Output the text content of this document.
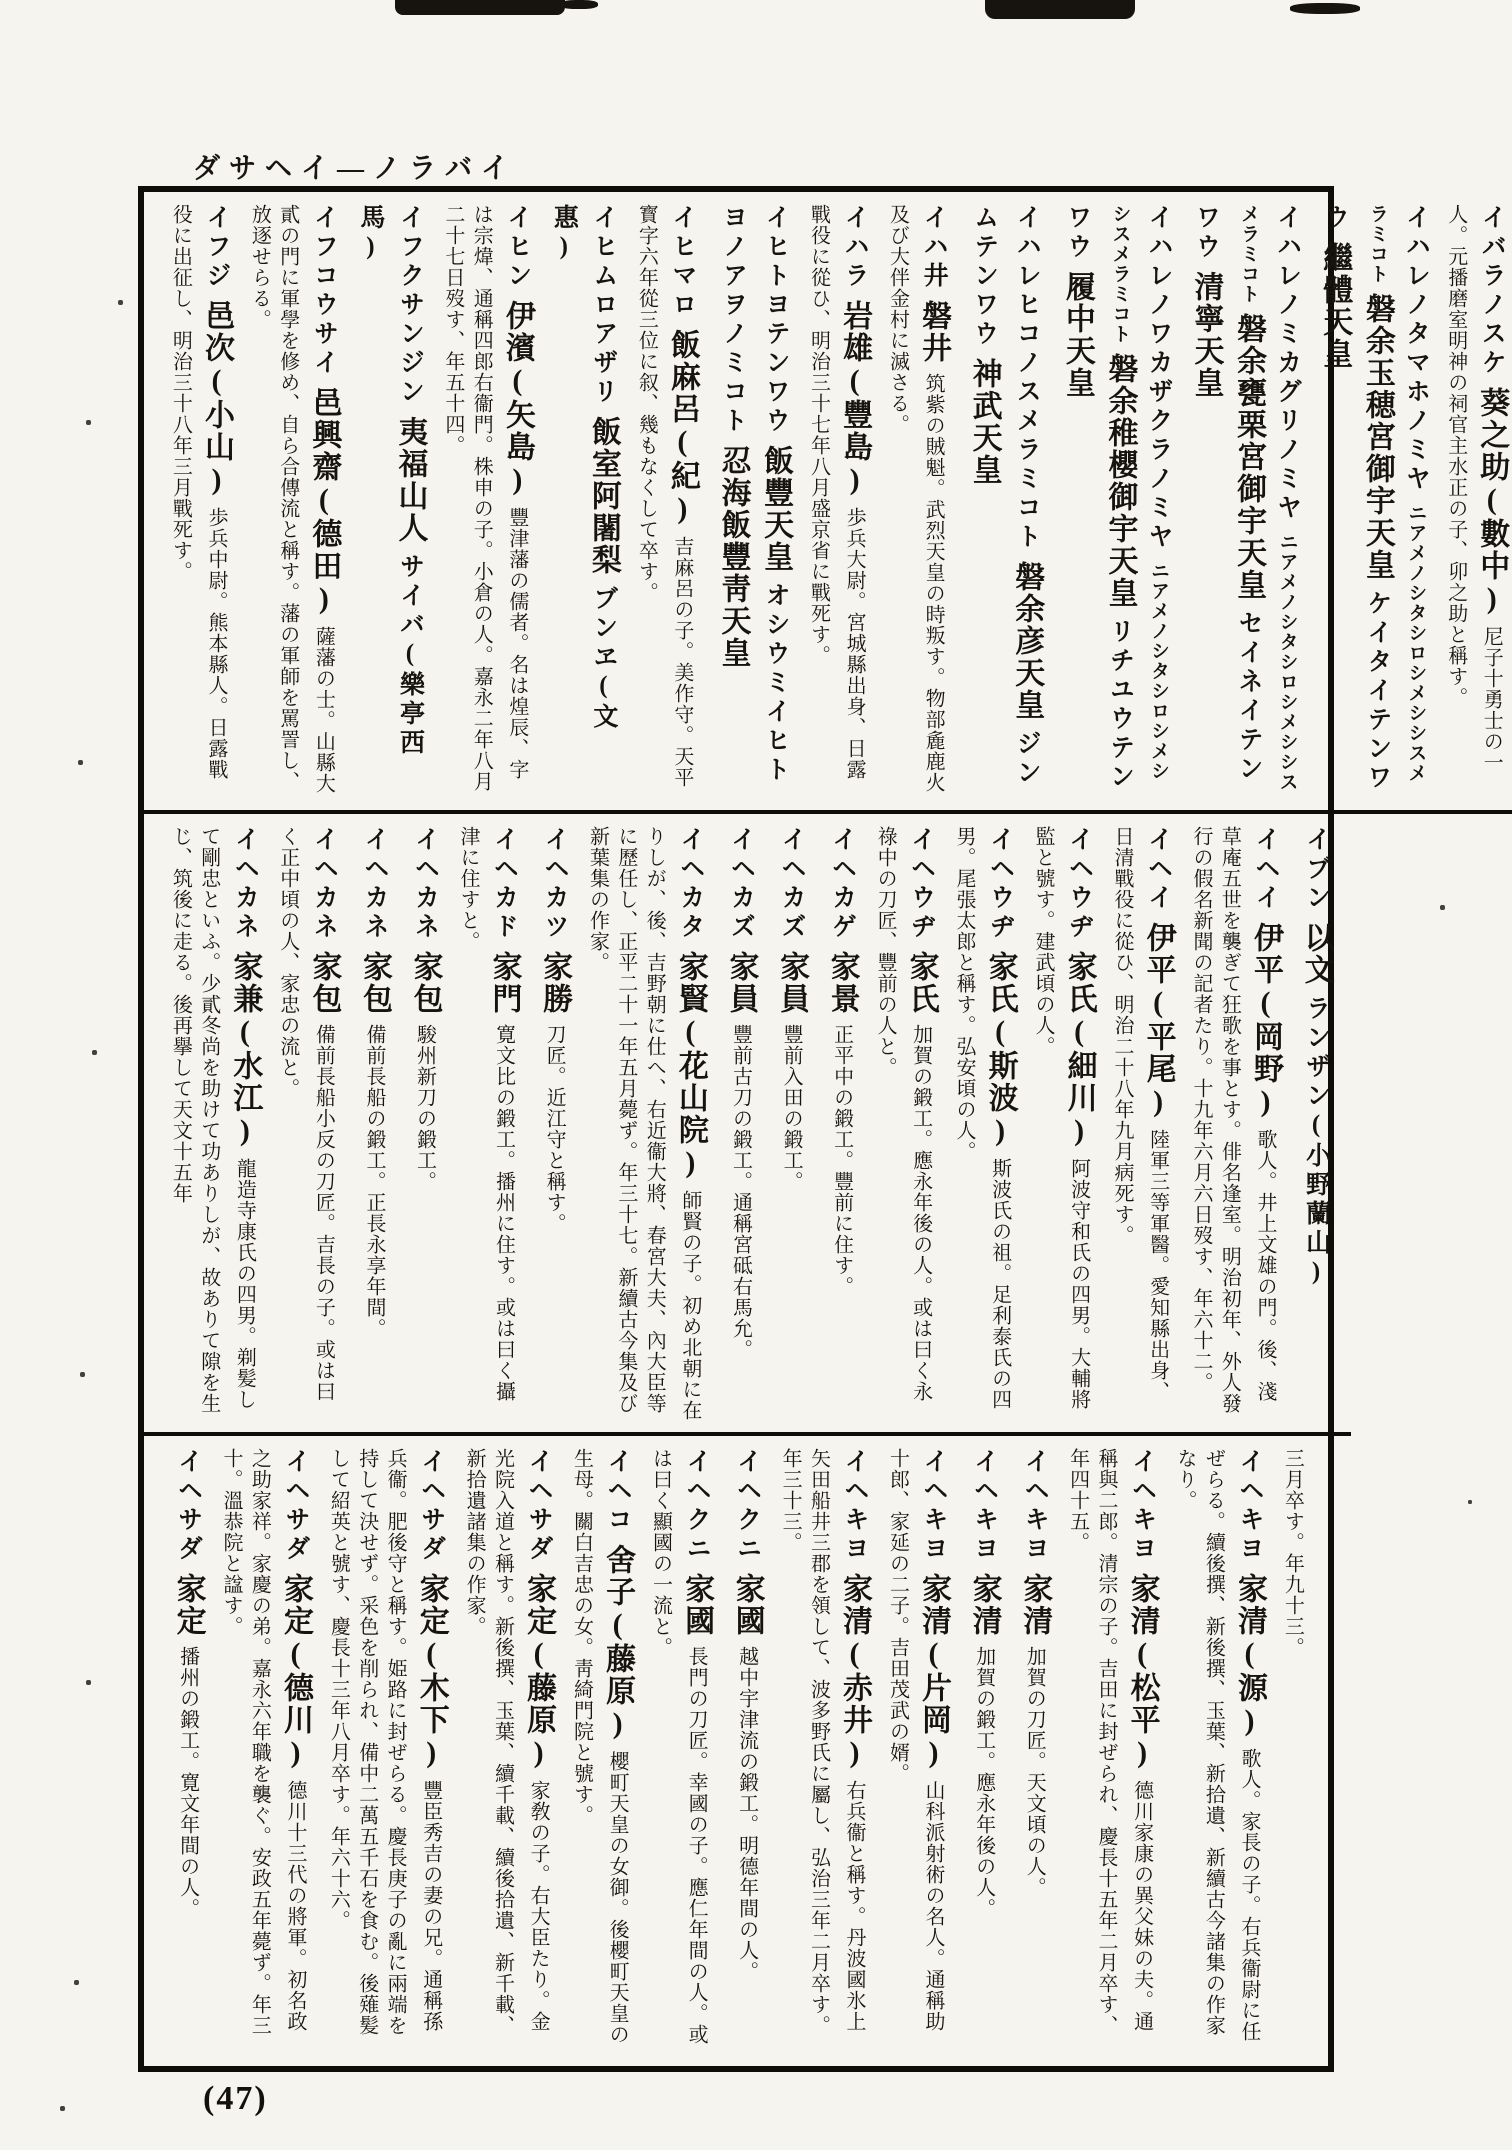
ダサヘイ―ノラバイ
イバラノスケ葵之助(數中)尼子十勇士の一人。元播磨室明神の祠官主水正の子、卯之助と稱す。
イハレノタマホノミヤニアメノシタシロシメシシスメラミコト磐余玉穂宮御宇天皇ケイタイテンワウ繼體天皇
イハレノミカグリノミヤニアメノシタシロシメシシスメラミコト磐余甕栗宮御宇天皇セイネイテンワウ清寧天皇
イハレノワカザクラノミヤニアメノシタシロシメシシスメラミコト磐余稚櫻御宇天皇リチユウテンワウ履中天皇
イハレヒコノスメラミコト磐余彦天皇ジンムテンワウ神武天皇
イハ井磐井筑紫の賊魁。武烈天皇の時叛す。物部麁鹿火及び大伴金村に滅さる。
イハラ岩雄(豐島)歩兵大尉。宮城縣出身、日露戰役に從ひ、明治三十七年八月盛京省に戰死す。
イヒトヨテンワウ飯豐天皇オシウミイヒトヨノアヲノミコト忍海飯豐靑天皇
イヒマロ飯麻呂(紀)吉麻呂の子。美作守。天平寳字六年從三位に叙、幾もなくして卒す。
イヒムロアザリ飯室阿闍梨ブンヱ(文惠)
イヒン伊濱(矢島)豐津藩の儒者。名は煌辰、字は宗煒、通稱四郎右衞門。株申の子。小倉の人。嘉永二年八月二十七日歿す、年五十四。
イフクサンジン夷福山人サイバ(樂亭西馬)
イフコウサイ邑興齋(德田)薩藩の士。山縣大貳の門に軍學を修め、自ら合傳流と稱す。藩の軍師を罵詈し、放逐せらる。
イフジ邑次(小山)歩兵中尉。熊本縣人。日露戰役に出征し、明治三十八年三月戰死す。
イブン以文ランザン(小野蘭山)
イヘイ伊平(岡野)歌人。井上文雄の門。後、淺草庵五世を襲ぎて狂歌を事とす。俳名逢室。明治初年、外人發行の假名新聞の記者たり。十九年六月六日歿す、年六十二。
イヘイ伊平(平尾)陸軍三等軍醫。愛知縣出身、日清戰役に從ひ、明治二十八年九月病死す。
イヘウヂ家氏(細川)阿波守和氏の四男。大輔將監と號す。建武頃の人。
イヘウヂ家氏(斯波)斯波氏の祖。足利泰氏の四男。尾張太郎と稱す。弘安頃の人。
イヘウヂ家氏加賀の鍛工。應永年後の人。或は曰く永祿中の刀匠、豐前の人と。
イヘカゲ家景正平中の鍛工。豐前に住す。
イヘカズ家員豐前入田の鍛工。
イヘカズ家員豐前古刀の鍛工。通稱宮砥右馬允。
イヘカタ家賢(花山院)師賢の子。初め北朝に在りしが、後、吉野朝に仕へ、右近衞大將、春宮大夫、內大臣等に歷任し、正平二十一年五月薨ず。年三十七。新續古今集及び新葉集の作家。
イヘカツ家勝刀匠。近江守と稱す。
イヘカド家門寛文比の鍛工。播州に住す。或は曰く攝津に住すと。
イヘカネ家包駿州新刀の鍛工。
イヘカネ家包備前長船の鍛工。正長永享年間。
イヘカネ家包備前長船小反の刀匠。吉長の子。或は曰く正中頃の人、家忠の流と。
イヘカネ家兼(水江)龍造寺康氏の四男。剃髪して剛忠といふ。少貳冬尚を助けて功ありしが、故ありて隙を生じ、筑後に走る。後再擧して天文十五年
三月卒す。年九十三。
イヘキヨ家清(源)歌人。家長の子。右兵衞尉に任ぜらる。續後撰、新後撰、玉葉、新拾遺、新續古今諸集の作家なり。
イヘキヨ家清(松平)德川家康の異父妹の夫。通稱與二郎。清宗の子。吉田に封ぜられ、慶長十五年二月卒す、年四十五。
イヘキヨ家清加賀の刀匠。天文頃の人。
イヘキヨ家清加賀の鍛工。應永年後の人。
イヘキヨ家清(片岡)山科派射術の名人。通稱助十郎、家延の二子。吉田茂武の婿。
イヘキヨ家清(赤井)右兵衞と稱す。丹波國氷上矢田船井三郡を領して、波多野氏に屬し、弘治三年二月卒す。年三十三。
イヘクニ家國越中宇津流の鍛工。明德年間の人。
イヘクニ家國長門の刀匠。幸國の子。應仁年間の人。或は曰く顯國の一流と。
イヘコ舍子(藤原)櫻町天皇の女御。後櫻町天皇の生母。關白吉忠の女。靑綺門院と號す。
イヘサダ家定(藤原)家敎の子。右大臣たり。金光院入道と稱す。新後撰、玉葉、續千載、續後拾遺、新千載、新拾遺諸集の作家。
イヘサダ家定(木下)豐臣秀吉の妻の兄。通稱孫兵衞。肥後守と稱す。姫路に封ぜらる。慶長庚子の亂に兩端を持して決せず。采色を削られ、備中二萬五千石を食む。後薙髪して紹英と號す、慶長十三年八月卒す。年六十六。
イヘサダ家定(德川)德川十三代の將軍。初名政之助家祥。家慶の弟。嘉永六年職を襲ぐ。安政五年薨ず。年三十。溫恭院と諡す。
イヘサダ家定播州の鍛工。寛文年間の人。
(47)
